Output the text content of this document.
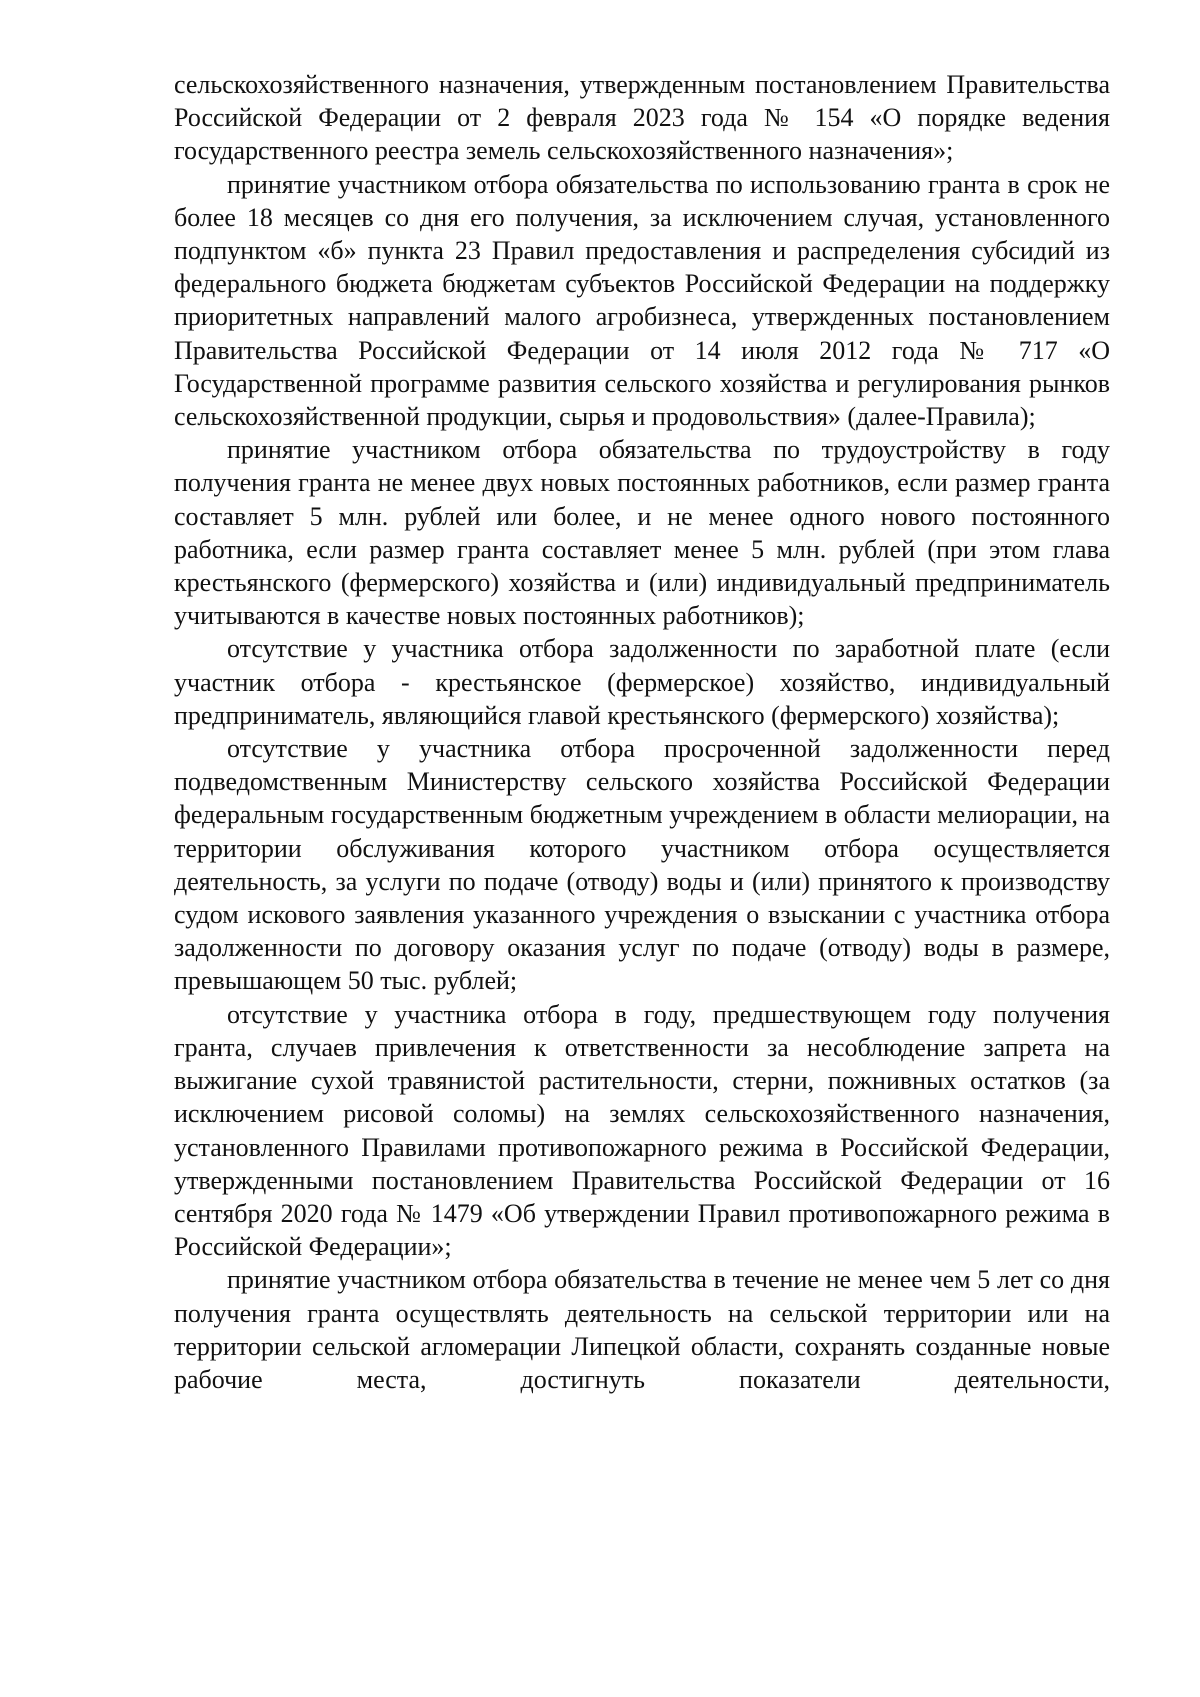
сельскохозяйственного назначения, утвержденным постановлением Правительства Российской Федерации от 2 февраля 2023 года № 154 «О порядке ведения государственного реестра земель сельскохозяйственного назначения»;

принятие участником отбора обязательства по использованию гранта в срок не более 18 месяцев со дня его получения, за исключением случая, установленного подпунктом «б» пункта 23 Правил предоставления и распределения субсидий из федерального бюджета бюджетам субъектов Российской Федерации на поддержку приоритетных направлений малого агробизнеса, утвержденных постановлением Правительства Российской Федерации от 14 июля 2012 года № 717 «О Государственной программе развития сельского хозяйства и регулирования рынков сельскохозяйственной продукции, сырья и продовольствия» (далее-Правила);

принятие участником отбора обязательства по трудоустройству в году получения гранта не менее двух новых постоянных работников, если размер гранта составляет 5 млн. рублей или более, и не менее одного нового постоянного работника, если размер гранта составляет менее 5 млн. рублей (при этом глава крестьянского (фермерского) хозяйства и (или) индивидуальный предприниматель учитываются в качестве новых постоянных работников);

отсутствие у участника отбора задолженности по заработной плате (если участник отбора - крестьянское (фермерское) хозяйство, индивидуальный предприниматель, являющийся главой крестьянского (фермерского) хозяйства);

отсутствие у участника отбора просроченной задолженности перед подведомственным Министерству сельского хозяйства Российской Федерации федеральным государственным бюджетным учреждением в области мелиорации, на территории обслуживания которого участником отбора осуществляется деятельность, за услуги по подаче (отводу) воды и (или) принятого к производству судом искового заявления указанного учреждения о взыскании с участника отбора задолженности по договору оказания услуг по подаче (отводу) воды в размере, превышающем 50 тыс. рублей;

отсутствие у участника отбора в году, предшествующем году получения гранта, случаев привлечения к ответственности за несоблюдение запрета на выжигание сухой травянистой растительности, стерни, пожнивных остатков (за исключением рисовой соломы) на землях сельскохозяйственного назначения, установленного Правилами противопожарного режима в Российской Федерации, утвержденными постановлением Правительства Российской Федерации от 16 сентября 2020 года № 1479 «Об утверждении Правил противопожарного режима в Российской Федерации»;

принятие участником отбора обязательства в течение не менее чем 5 лет со дня получения гранта осуществлять деятельность на сельской территории или на территории сельской агломерации Липецкой области, сохранять созданные новые рабочие места, достигнуть показатели деятельности,
